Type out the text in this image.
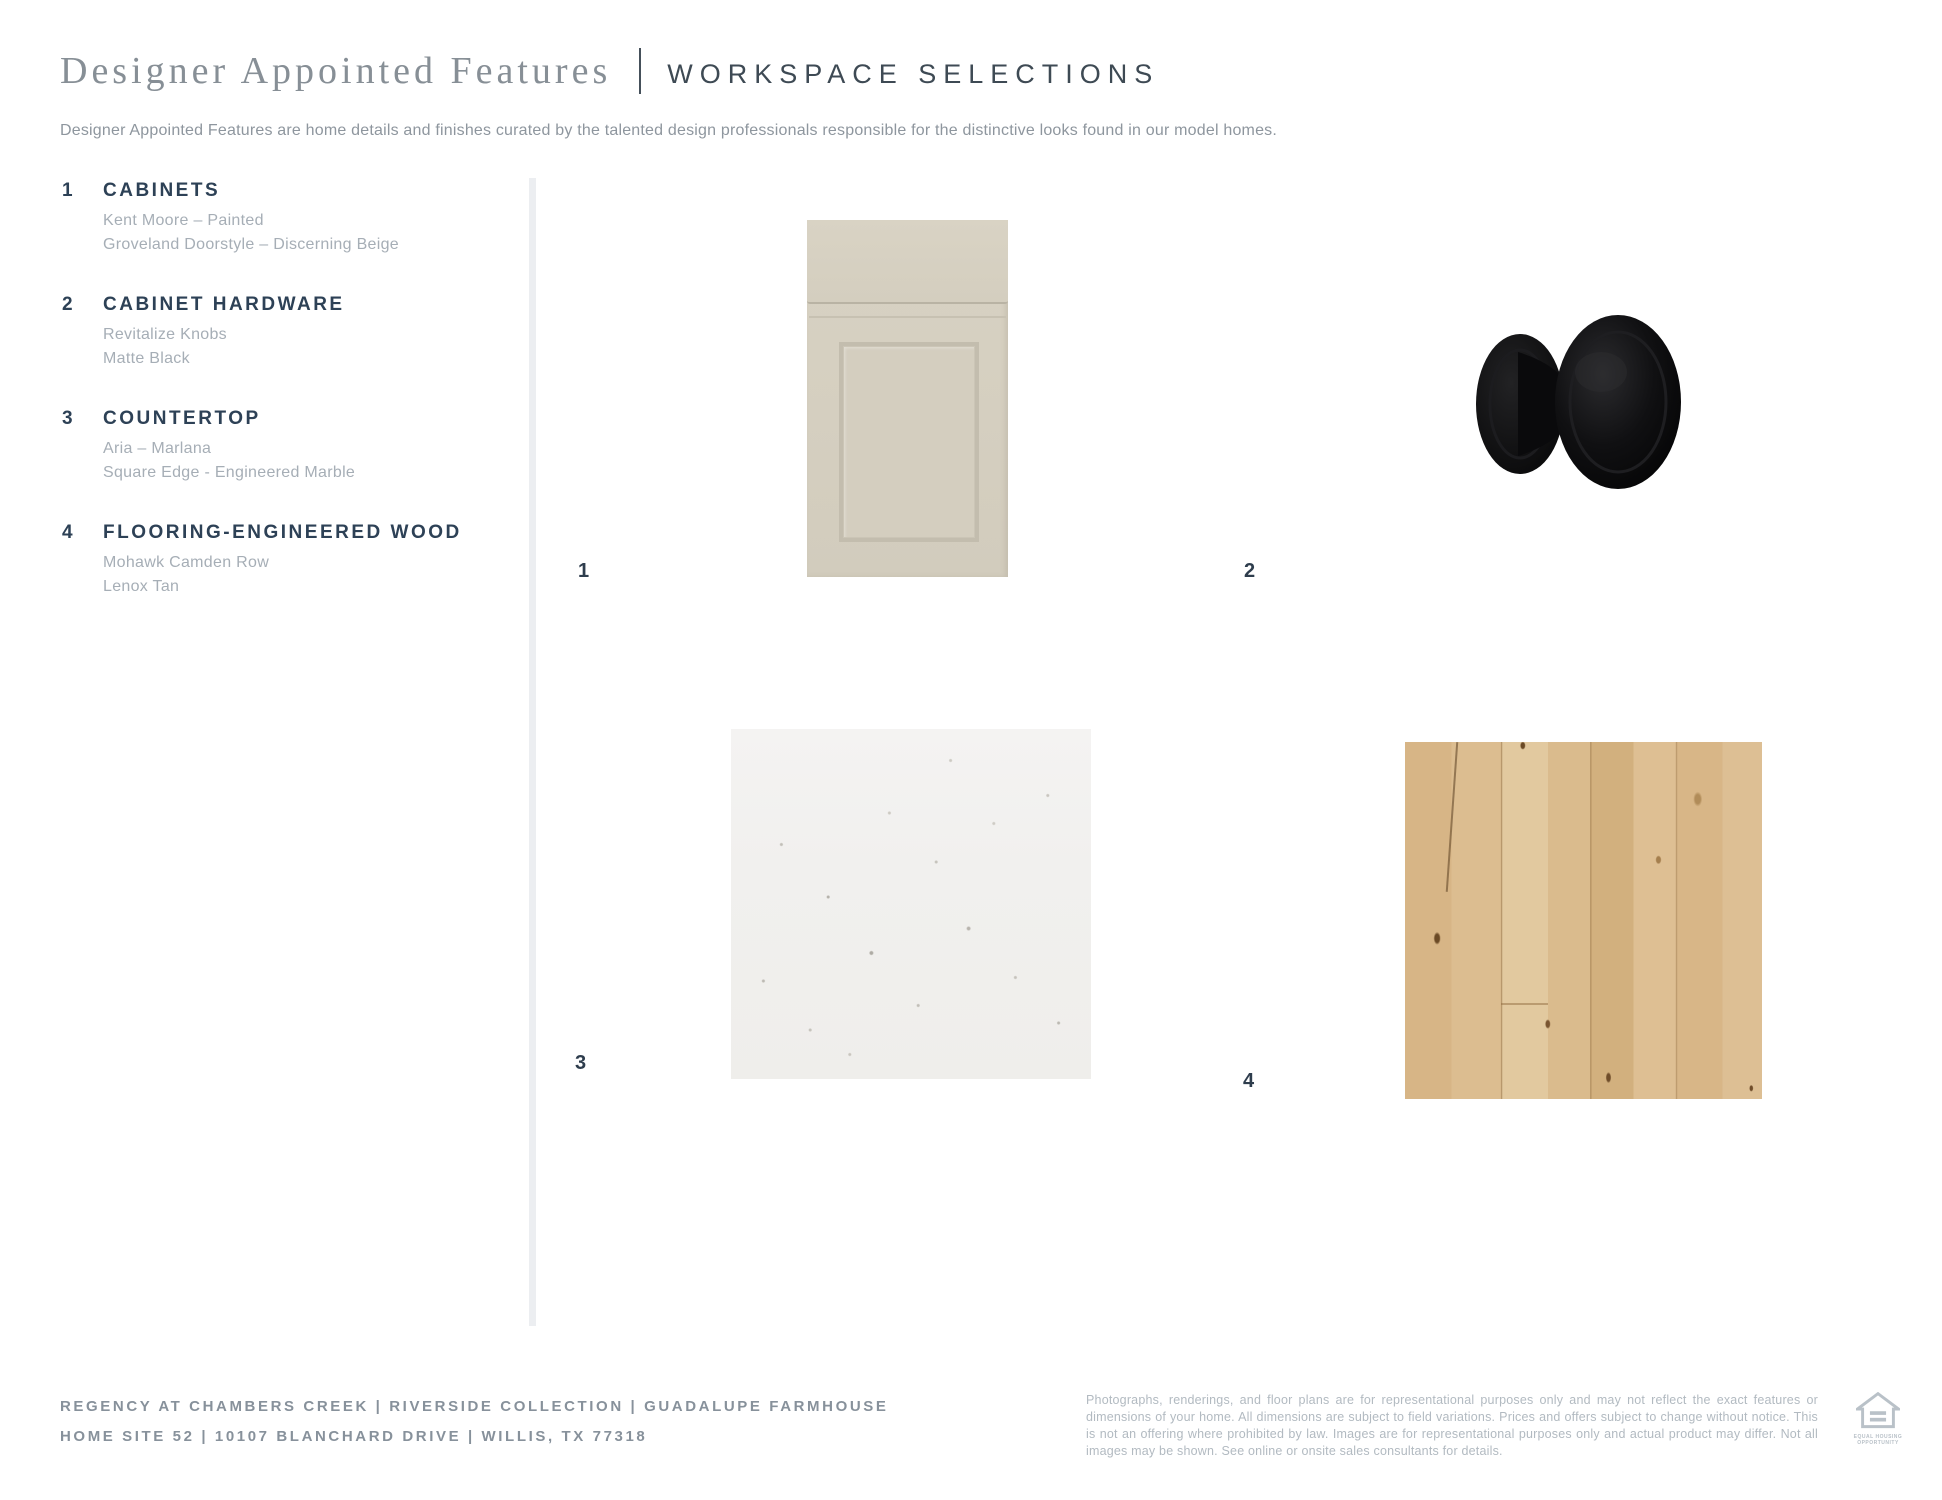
Designer Appointed Features WORKSPACE SELECTIONS
Designer Appointed Features are home details and finishes curated by the talented design professionals responsible for the distinctive looks found in our model homes.
1	CABINETS
Kent Moore – Painted
Groveland Doorstyle – Discerning Beige
2	CABINET HARDWARE
Revitalize Knobs
Matte Black
3	COUNTERTOP
Aria – Marlana
Square Edge - Engineered Marble
4	FLOORING-ENGINEERED WOOD
Mohawk Camden Row
Lenox Tan
1	2
3
4
REGENCY AT CHAMBERS CREEK | RIVERSIDE COLLECTION | GUADALUPE FARMHOUSE
HOME SITE 52 | 10107 BLANCHARD DRIVE | WILLIS, TX 77318
Photographs, renderings, and floor plans are for representational purposes only and may not reflect the exact features or dimensions of your home. All dimensions are subject to field variations. Prices and offers subject to change without notice. This is not an offering where prohibited by law. Images are for representational purposes only and actual product may differ. Not all images may be shown. See online or onsite sales consultants for details.
EQUAL HOUSING
OPPORTUNITY
